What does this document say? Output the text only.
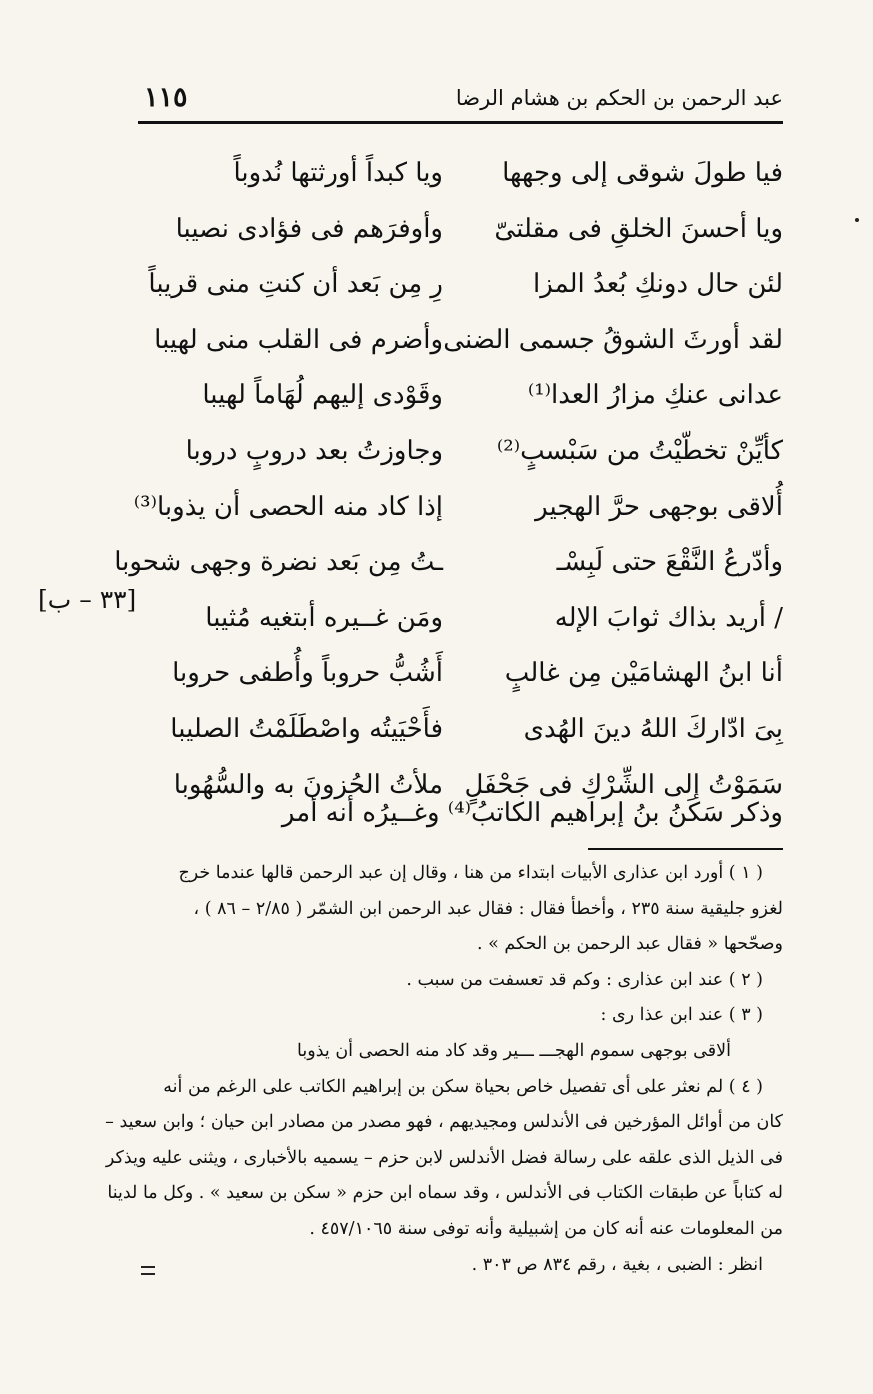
عبد الرحمن بن الحكم بن هشام الرضا
١١٥
فيا طولَ شوقى إلى وجهها
ويا كبداً أورثتها نُدوباً
ويا أحسنَ الخلقِ فى مقلتىّ
وأوفرَهم فى فؤادى نصيبا
لئن حال دونكِ بُعدُ المزا
رِ مِن بَعد أن كنتِ منى قريباً
لقد أورثَ الشوقُ جسمى الضنى
وأضرم فى القلب منى لهيبا
عدانى عنكِ مزارُ العدا⁽¹⁾
وقَوْدى إليهم لُهَاماً لهيبا
كأيِّنْ تخطّيْتُ من سَبْسبٍ⁽²⁾
وجاوزتُ بعد دروبٍ دروبا
أُلاقى بوجهى حرَّ الهجير
إذا كاد منه الحصى أن يذوبا⁽³⁾
وأدّرعُ النَّقْعَ حتى لَبِسْـ
ـتُ مِن بَعد نضرة وجهى شحوبا
/ أريد بذاك ثوابَ الإله
ومَن غــيره أبتغيه مُثيبا
أنا ابنُ الهشامَيْن مِن غالبٍ
أَشُبُّ حروباً وأُطفى حروبا
بِىَ ادّاركَ اللهُ دينَ الهُدى
فأَحْيَيتُه واصْطَلَمْتُ الصليبا
سَمَوْتُ إلى الشِّرْكِ فى جَحْفَلٍ
ملأتُ الحُزونَ به والسُّهُوبا
[٣٣ – ب]
وذكر سَكَنُ بنُ إبراهيم الكاتبُ⁽⁴⁾ وغــيرُه أنه أمر
( ١ ) أورد ابن عذارى الأبيات ابتداء من هنا ، وقال إن عبد الرحمن قالها عندما خرج
لغزو جليقية سنة ٢٣٥ ، وأخطأ فقال : فقال عبد الرحمن ابن الشمّر ( ٢/٨٥ – ٨٦ ) ،
وصحّحها « فقال عبد الرحمن بن الحكم » .
( ٢ ) عند ابن عذارى : وكم قد تعسفت من سبب .
( ٣ ) عند ابن عذا رى :
ألاقى بوجهى سموم الهجـــ ـــير وقد كاد منه الحصى أن يذوبا
( ٤ ) لم نعثر على أى تفصيل خاص بحياة سكن بن إبراهيم الكاتب على الرغم من أنه
كان من أوائل المؤرخين فى الأندلس ومجيديهم ، فهو مصدر من مصادر ابن حيان ؛ وابن سعيد –
فى الذيل الذى علقه على رسالة فضل الأندلس لابن حزم – يسميه بالأخبارى ، ويثنى عليه ويذكر
له كتاباً عن طبقات الكتاب فى الأندلس ، وقد سماه ابن حزم « سكن بن سعيد » . وكل ما لدينا
من المعلومات عنه أنه كان من إشبيلية وأنه توفى سنة ٤٥٧/١٠٦٥ .
انظر : الضبى ، بغية ، رقم ٨٣٤ ص ٣٠٣ .
